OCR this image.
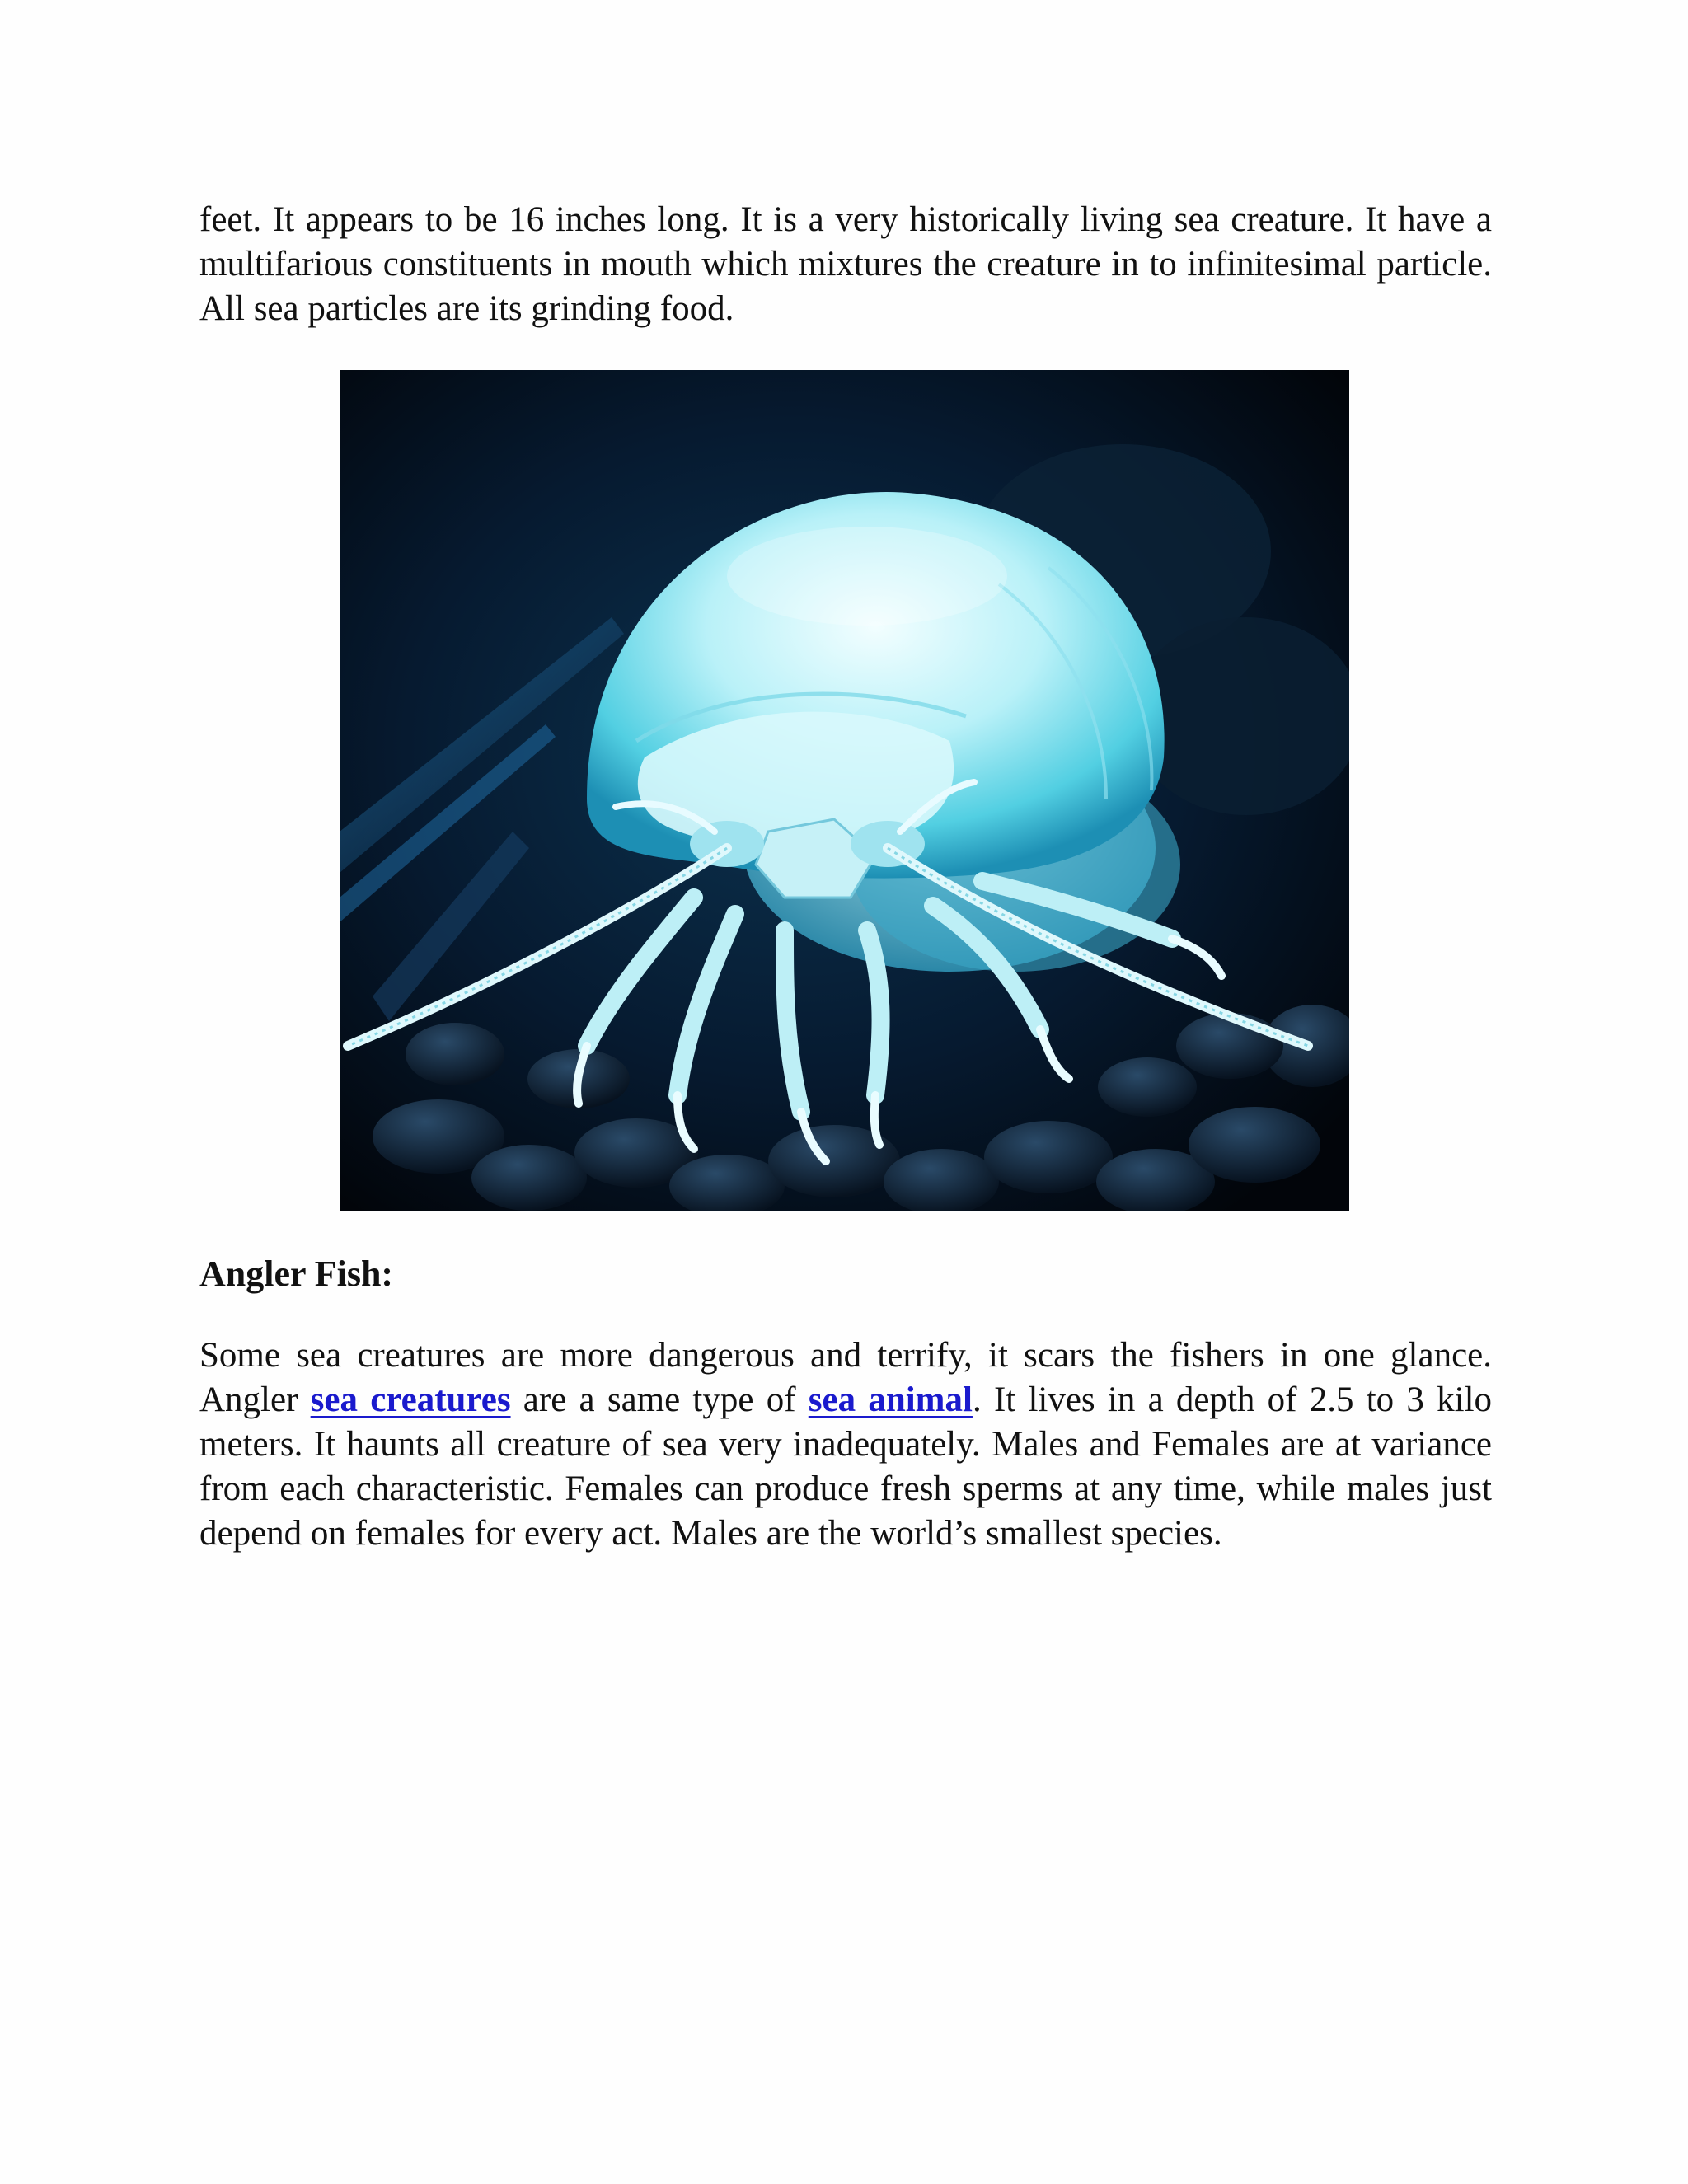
feet. It appears to be 16 inches long. It is a very historically living sea creature. It have a multifarious constituents in mouth which mixtures the creature in to infinitesimal particle. All sea particles are its grinding food.

Angler Fish:

Some sea creatures are more dangerous and terrify, it scars the fishers in one glance. Angler sea creatures are a same type of sea animal. It lives in a depth of 2.5 to 3 kilo meters. It haunts all creature of sea very inadequately. Males and Females are at variance from each characteristic. Females can produce fresh sperms at any time, while males just depend on females for every act. Males are the world’s smallest species.
